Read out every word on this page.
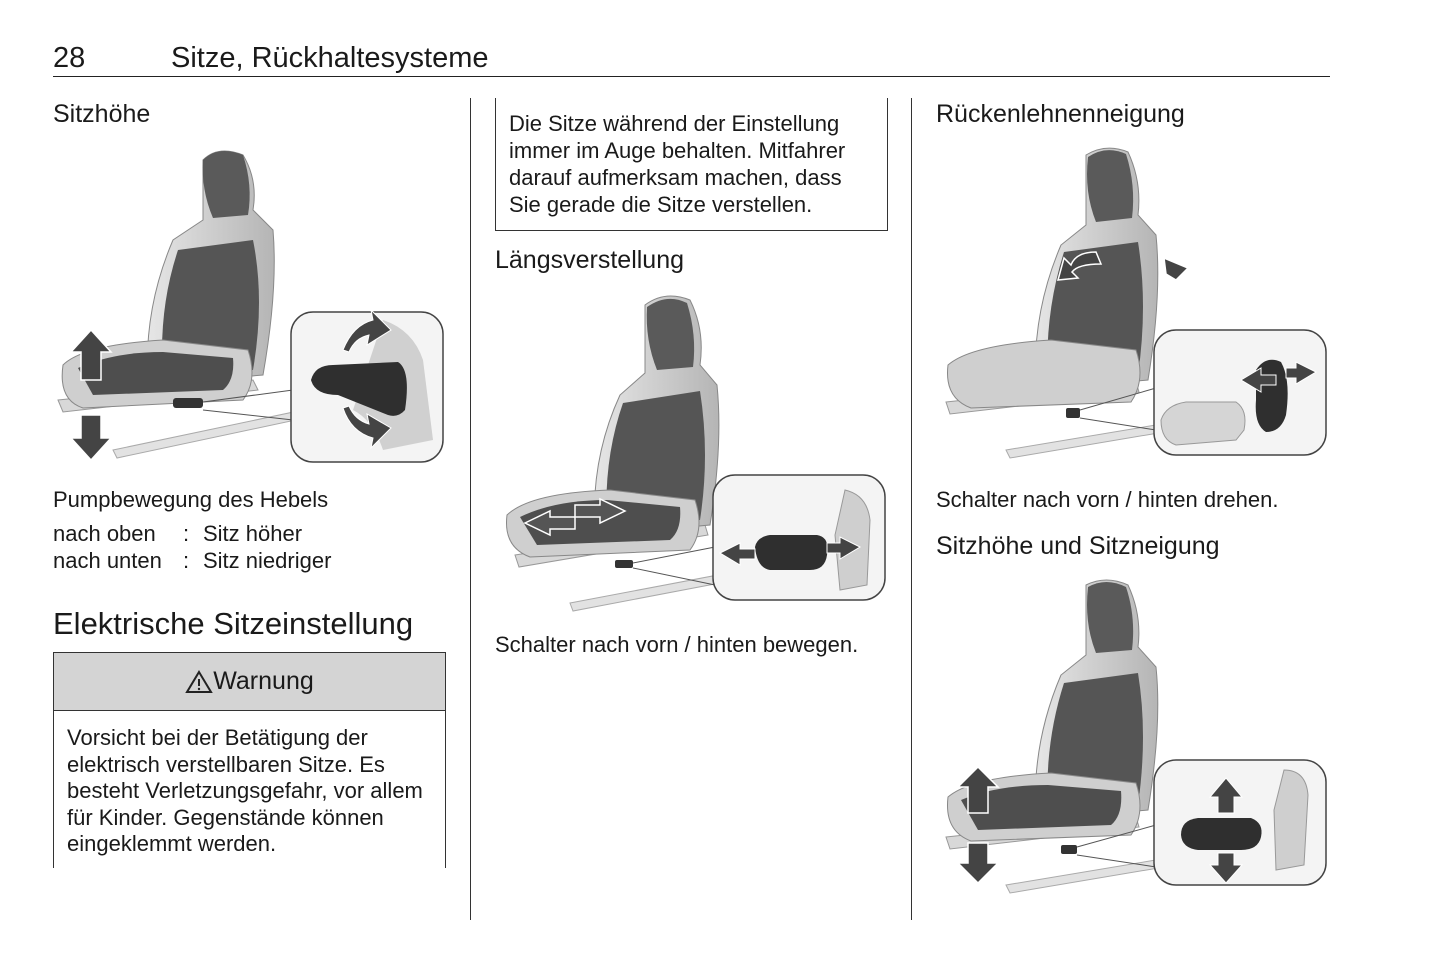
28	Sitze, Rückhaltesysteme
Sitzhöhe
Pumpbewegung des Hebels
nach oben : Sitz höher
nach unten : Sitz niedriger
Elektrische Sitzeinstellung
Warnung
Vorsicht bei der Betätigung der elektrisch verstellbaren Sitze. Es besteht Verletzungsgefahr, vor allem für Kinder. Gegenstände können eingeklemmt werden.
Die Sitze während der Einstellung immer im Auge behalten. Mitfahrer darauf aufmerksam machen, dass Sie gerade die Sitze verstellen.
Längsverstellung
Schalter nach vorn / hinten bewegen.
Rückenlehnenneigung
Schalter nach vorn / hinten drehen.
Sitzhöhe und Sitzneigung
